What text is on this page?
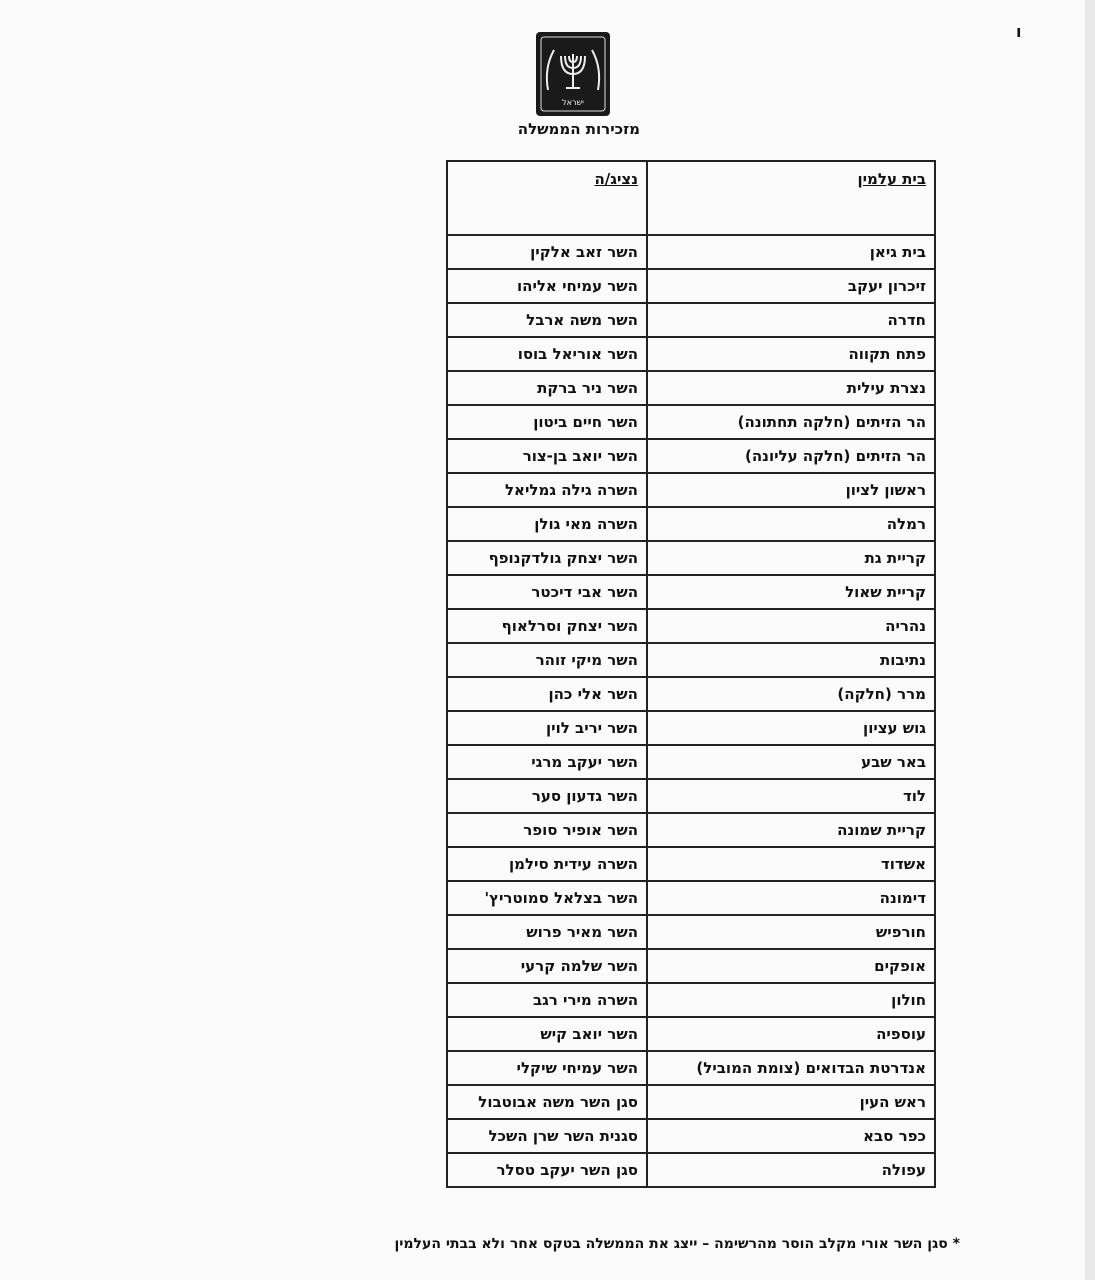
ו
ישראל
מזכירות הממשלה
בית עלמין	נציג/ה
בית גיאן	השר זאב אלקין
זיכרון יעקב	השר עמיחי אליהו
חדרה	השר משה ארבל
פתח תקווה	השר אוריאל בוסו
נצרת עילית	השר ניר ברקת
הר הזיתים (חלקה תחתונה)	השר חיים ביטון
הר הזיתים (חלקה עליונה)	השר יואב בן-צור
ראשון לציון	השרה גילה גמליאל
רמלה	השרה מאי גולן
קריית גת	השר יצחק גולדקנופף
קריית שאול	השר אבי דיכטר
נהריה	השר יצחק וסרלאוף
נתיבות	השר מיקי זוהר
מרר (חלקה)	השר אלי כהן
גוש עציון	השר יריב לוין
באר שבע	השר יעקב מרגי
לוד	השר גדעון סער
קריית שמונה	השר אופיר סופר
אשדוד	השרה עידית סילמן
דימונה	השר בצלאל סמוטריץ'
חורפיש	השר מאיר פרוש
אופקים	השר שלמה קרעי
חולון	השרה מירי רגב
עוספיה	השר יואב קיש
אנדרטת הבדואים (צומת המוביל)	השר עמיחי שיקלי
ראש העין	סגן השר משה אבוטבול
כפר סבא	סגנית השר שרן השכל
עפולה	סגן השר יעקב טסלר
* סגן השר אורי מקלב הוסר מהרשימה – ייצג את הממשלה בטקס אחר ולא בבתי העלמין
